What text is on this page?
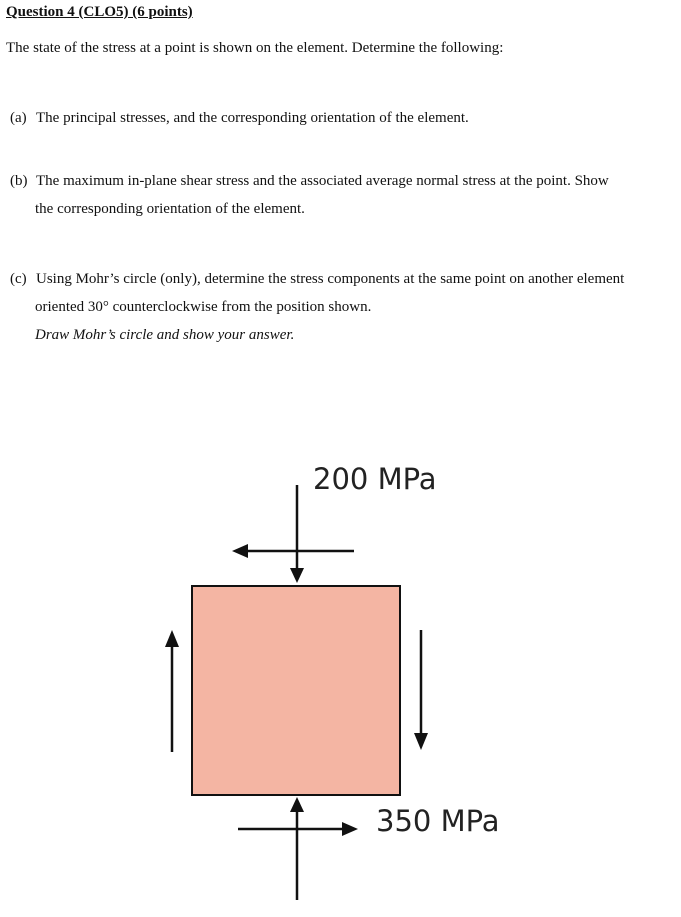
Question 4 (CLO5) (6 points)
The state of the stress at a point is shown on the element. Determine the following:
(a) The principal stresses, and the corresponding orientation of the element.
(b) The maximum in-plane shear stress and the associated average normal stress at the point. Show
the corresponding orientation of the element.
(c) Using Mohr’s circle (only), determine the stress components at the same point on another element
oriented 30° counterclockwise from the position shown.
Draw Mohr’s circle and show your answer.
200 MPa
350 MPa
